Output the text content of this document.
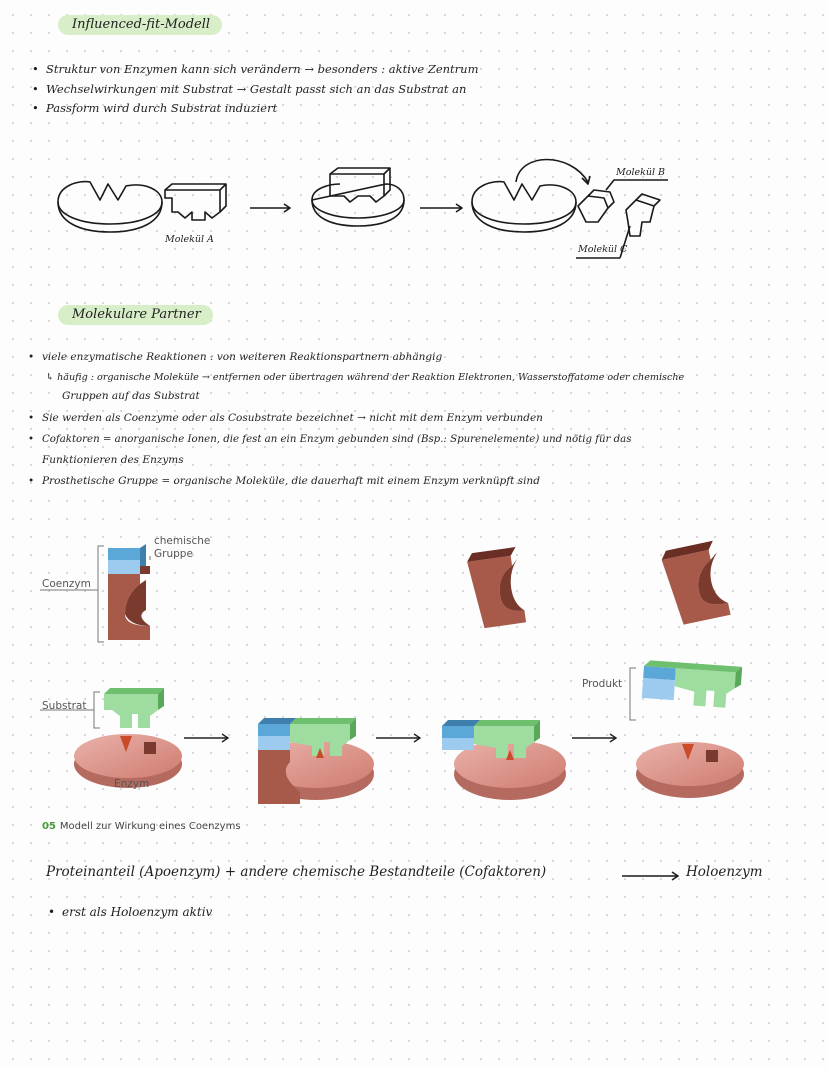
Influenced-fit-Modell
• Struktur von Enzymen kann sich verändern → besonders : aktive Zentrum
• Wechselwirkungen mit Substrat → Gestalt passt sich an das Substrat an
• Passform wird durch Substrat induziert
Molekül A
Molekül B
Molekül C
Molekulare Partner
• viele enzymatische Reaktionen : von weiteren Reaktionspartnern abhängig
↳ häufig : organische Moleküle → entfernen oder übertragen während der Reaktion Elektronen, Wasserstoffatome oder chemische
Gruppen auf das Substrat
• Sie werden als Coenzyme oder als Cosubstrate bezeichnet → nicht mit dem Enzym verbunden
• Cofaktoren = anorganische Ionen, die fest an ein Enzym gebunden sind (Bsp.: Spurenelemente) und nötig für das
Funktionieren des Enzyms
• Prosthetische Gruppe = organische Moleküle, die dauerhaft mit einem Enzym verknüpft sind
chemische
Gruppe
Coenzym
Substrat
Enzym
Produkt
05 Modell zur Wirkung eines Coenzyms
Proteinanteil (Apoenzym) + andere chemische Bestandteile (Cofaktoren)	Holoenzym
• erst als Holoenzym aktiv
